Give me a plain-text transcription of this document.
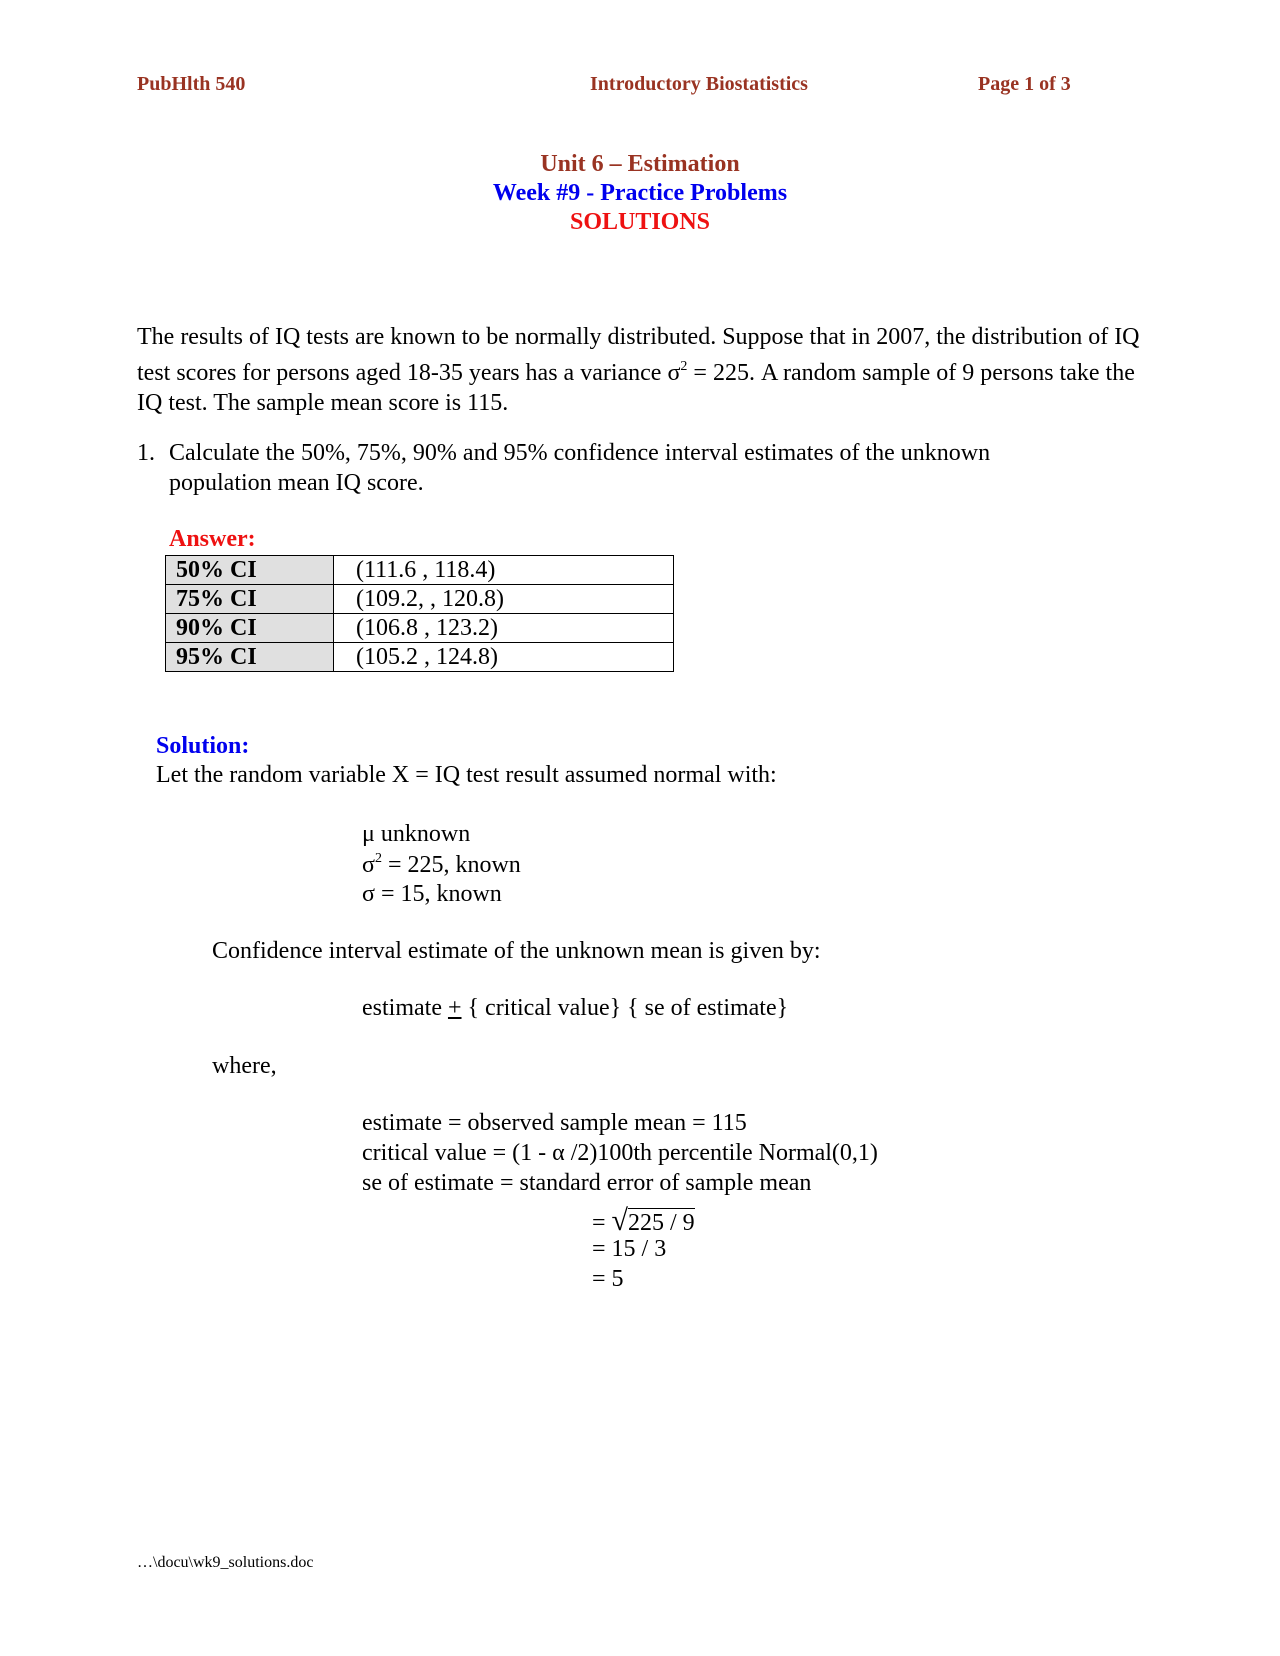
PubHlth 540	Introductory Biostatistics	Page 1 of 3
Unit 6 – Estimation
Week #9 - Practice Problems
SOLUTIONS
The results of IQ tests are known to be normally distributed. Suppose that in 2007, the distribution of IQ test scores for persons aged 18-35 years has a variance $\sigma^2 = 225$. A random sample of 9 persons take the IQ test. The sample mean score is 115.
1. Calculate the 50%, 75%, 90% and 95% confidence interval estimates of the unknown population mean IQ score.
Answer:
50% CI	(111.6 , 118.4)
75% CI	(109.2, , 120.8)
90% CI	(106.8 , 123.2)
95% CI	(105.2 , 124.8)
Solution:
Let the random variable X = IQ test result assumed normal with:
μ unknown
$\sigma^2 = 225$, known
σ = 15, known
Confidence interval estimate of the unknown mean is given by:
estimate + { critical value} { se of estimate}
where,
estimate = observed sample mean = 115
critical value = (1 - α /2)100th percentile Normal(0,1)
se of estimate = standard error of sample mean
= √225 / 9
= 15 / 3
= 5
…\docu\wk9_solutions.doc
